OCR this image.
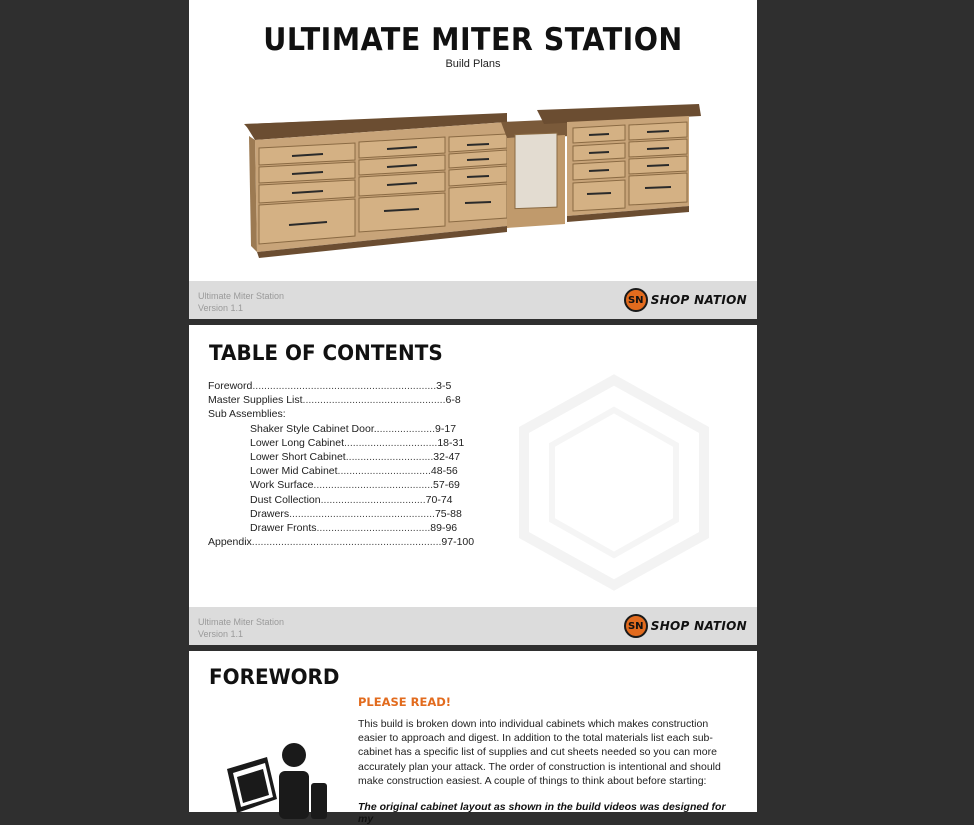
ULTIMATE MITER STATION
Build Plans
Ultimate Miter Station
Version 1.1
SN SHOP NATION
TABLE OF CONTENTS
Foreword ............................................................... 3-5
Master Supplies List ................................................. 6-8
Sub Assemblies:
Shaker Style Cabinet Door.. ................... 9-17
Lower Long Cabinet ................................ 18-31
Lower Short Cabinet .............................. 32-47
Lower Mid Cabinet ................................ 48-56
Work Surface ......................................... 57-69
Dust Collection .................................... 70-74
Drawers .................................................. 75-88
Drawer Fronts ....................................... 89-96
Appendix ................................................................. 97-100
Ultimate Miter Station
Version 1.1
SN SHOP NATION
FOREWORD
PLEASE READ!
This build is broken down into individual cabinets which makes construction easier to approach and digest. In addition to the total materials list each sub-cabinet has a specific list of supplies and cut sheets needed so you can more accurately plan your attack. The order of construction is intentional and should make construction easiest. A couple of things to think about before starting:
The original cabinet layout as shown in the build videos was designed for my
